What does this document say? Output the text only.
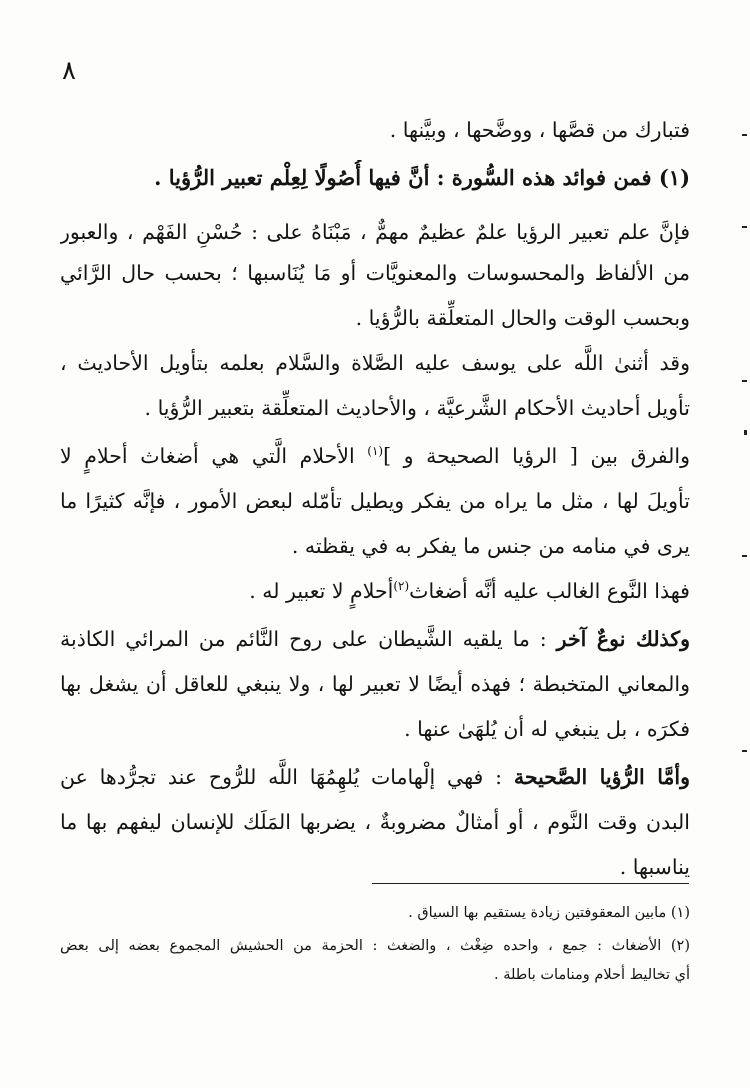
٨
فتبارك من قصَّها ، ووضَّحها ، وبيَّنها .
(١) فمن فوائد هذه السُّورة : أنَّ فيها أُصُولًا لِعِلْم تعبير الرُّؤيا .
فإنَّ علم تعبير الرؤيا علمٌ عظيمٌ مهمٌّ ، مَبْنَاهُ على : حُسْنِ الفَهْم ، والعبور
من الألفاظ والمحسوسات والمعنويَّات أو مَا يُنَاسبها ؛ بحسب حال الرَّائي
وبحسب الوقت والحال المتعلِّقة بالرُّؤيا .
وقد أثنىٰ اللَّه على يوسف عليه الصَّلاة والسَّلام بعلمه بتأويل الأحاديث ،
تأويل أحاديث الأحكام الشَّرعيَّة ، والأحاديث المتعلِّقة بتعبير الرُّؤيا .
والفرق بين [ الرؤيا الصحيحة و ]$^{(١)}$ الأحلام الَّتي هي أضغاث أحلامٍ لا
تأويلَ لها ، مثل ما يراه من يفكر ويطيل تأمّله لبعض الأمور ، فإنَّه كثيرًا ما
يرى في منامه من جنس ما يفكر به في يقظته .
فهذا النَّوع الغالب عليه أنَّه أضغاث$^{(٢)}$أحلامٍ لا تعبير له .
وكذلك نوعٌ آخر : ما يلقيه الشَّيطان على روح النَّائم من المرائي الكاذبة
والمعاني المتخبطة ؛ فهذه أيضًا لا تعبير لها ، ولا ينبغي للعاقل أن يشغل بها
فكرَه ، بل ينبغي له أن يُلهَىٰ عنها .
وأمَّا الرُّؤيا الصَّحيحة : فهي إلْهامات يُلهِمُهَا اللَّه للرُّوح عند تجرُّدها عن
البدن وقت النَّوم ، أو أمثالٌ مضروبةٌ ، يضربها المَلَك للإنسان ليفهم بها ما
يناسبها .
(١) مابين المعقوفتين زيادة يستقيم بها السياق .
(٢) الأضغاث : جمع ، واحده ضِغْث ، والضغث : الحزمة من الحشيش المجموع بعضه إلى بعض
أي تخاليط أحلام ومنامات باطلة .
